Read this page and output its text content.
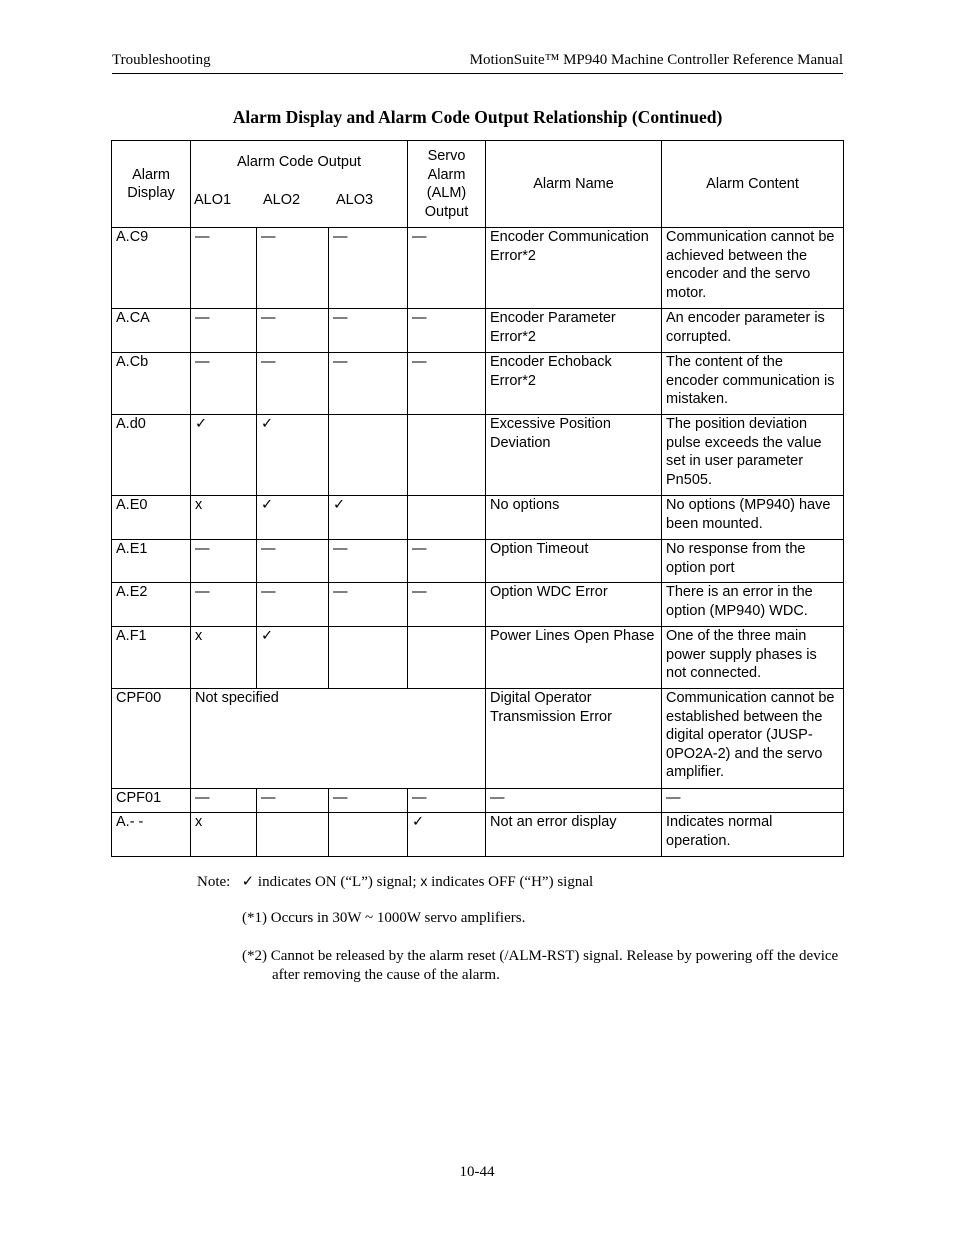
Troubleshooting	MotionSuite™ MP940 Machine Controller Reference Manual
Alarm Display and Alarm Code Output Relationship (Continued)
Alarm Display	Alarm Code Output
ALO1 ALO2 ALO3			Servo Alarm (ALM) Output	Alarm Name	Alarm Content
A.C9	—	—	—	—	Encoder Communication Error*2	Communication cannot be achieved between the encoder and the servo motor.
A.CA	—	—	—	—	Encoder Parameter Error*2	An encoder parameter is corrupted.
A.Cb	—	—	—	—	Encoder Echoback Error*2	The content of the encoder communication is mistaken.
A.d0	✓	✓			Excessive Position Deviation	The position deviation pulse exceeds the value set in user parameter Pn505.
A.E0	x	✓	✓		No options	No options (MP940) have been mounted.
A.E1	—	—	—	—	Option Timeout	No response from the option port
A.E2	—	—	—	—	Option WDC Error	There is an error in the option (MP940) WDC.
A.F1	x	✓			Power Lines Open Phase	One of the three main power supply phases is not connected.
CPF00	Not specified				Digital Operator Transmission Error	Communication cannot be established between the digital operator (JUSP-0PO2A-2) and the servo amplifier.
CPF01	—	—	—	—	—	—
A.- -	x			✓	Not an error display	Indicates normal operation.
Note: ✓ indicates ON (“L”) signal; x indicates OFF (“H”) signal
(*1) Occurs in 30W ~ 1000W servo amplifiers.
(*2) Cannot be released by the alarm reset (/ALM-RST) signal. Release by powering off the device after removing the cause of the alarm.
10-44
